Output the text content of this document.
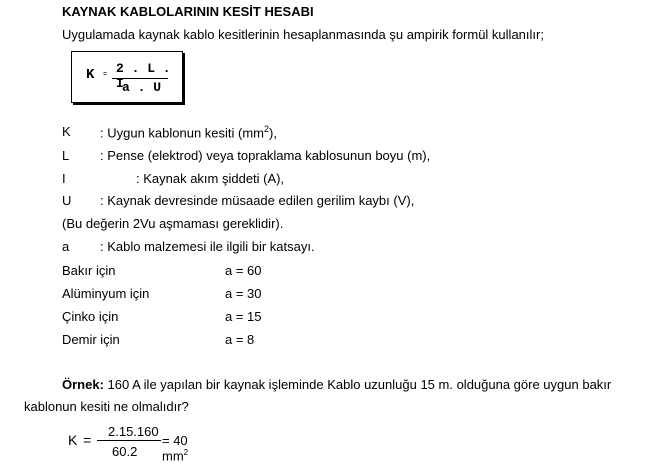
KAYNAK KABLOLARININ KESİT HESABI
Uygulamada kaynak kablo kesitlerinin hesaplanmasında şu ampirik formül kullanılır;
K = 2 . L . I
a . U
K : Uygun kablonun kesiti $(mm^2)$,
L : Pense (elektrod) veya topraklama kablosunun boyu (m),
I	: Kaynak akım şiddeti (A),
U : Kaynak devresinde müsaade edilen gerilim kaybı (V),
(Bu değerin 2Vu aşmaması gereklidir).
a : Kablo malzemesi ile ilgili bir katsayı.
Bakır için	a = 60
Alüminyum için	a = 30
Çinko için	a = 15
Demir için	a = 8
Örnek: 160 A ile yapılan bir kaynak işleminde Kablo uzunluğu 15 m. olduğuna göre uygun bakır
kablonun kesiti ne olmalıdır?
K =
2.15.160
60.2
= 40 $mm^2$
